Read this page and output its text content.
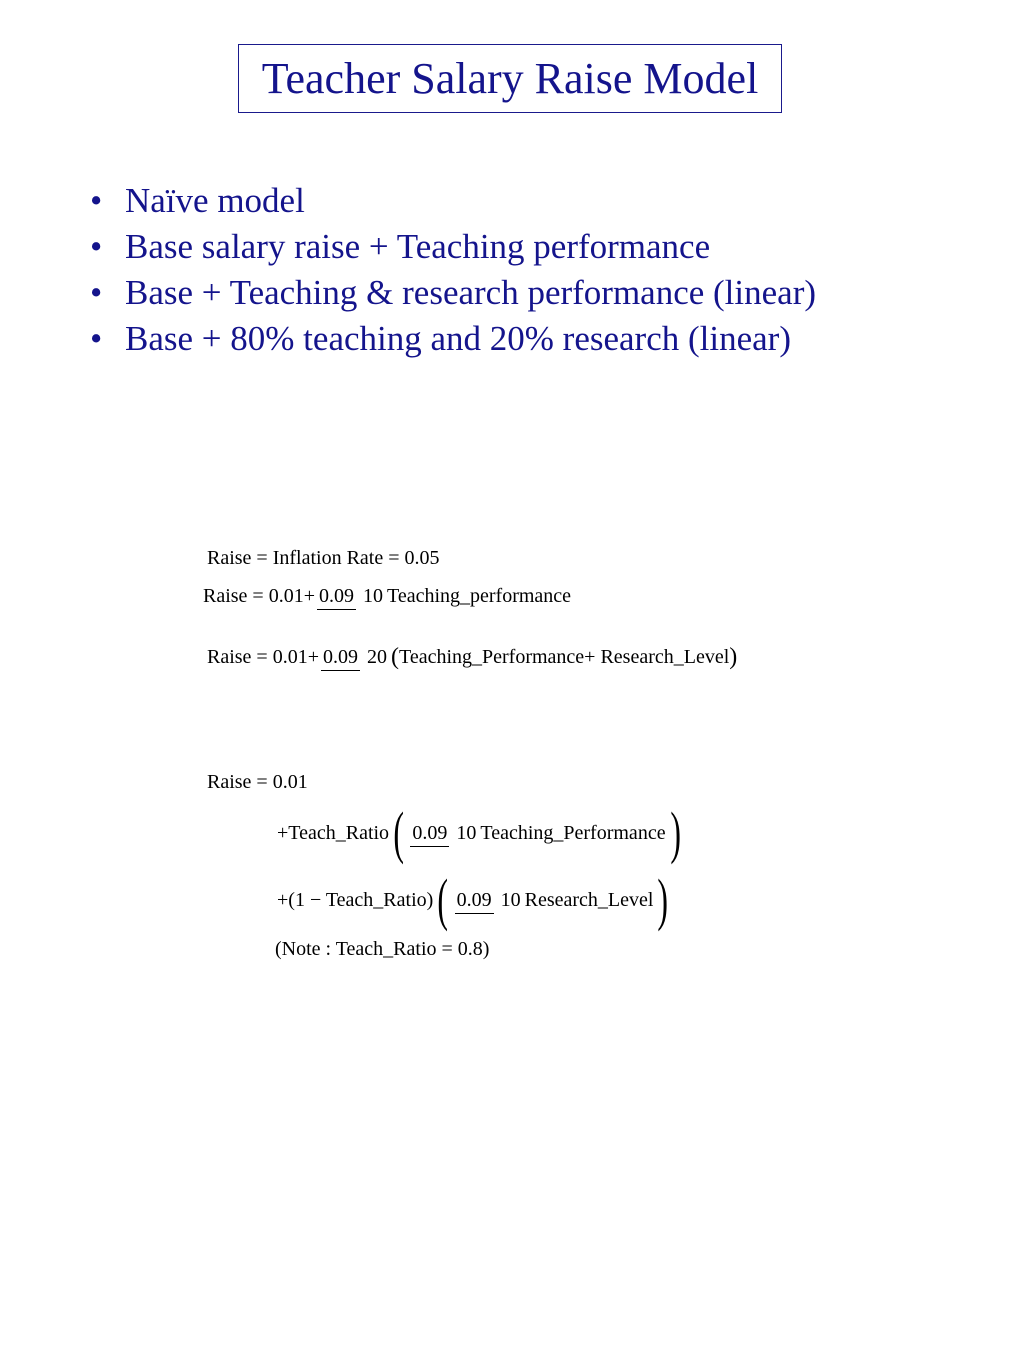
Teacher Salary Raise Model
• Naïve model
• Base salary raise + Teaching performance
• Base + Teaching & research performance (linear)
• Base + 80% teaching and 20% research (linear)
Raise = Inflation Rate = 0.05
Raise = 0.01+ 0.09 10 Teaching_performance
Raise = 0.01+ 0.09 20 ( Teaching_Performance+ Research_Level )
Raise = 0.01
+Teach_Ratio ( 0.09 10 Teaching_Performance )
+(1 − Teach_Ratio) ( 0.09 10 Research_Level )
(Note : Teach_Ratio = 0.8)
